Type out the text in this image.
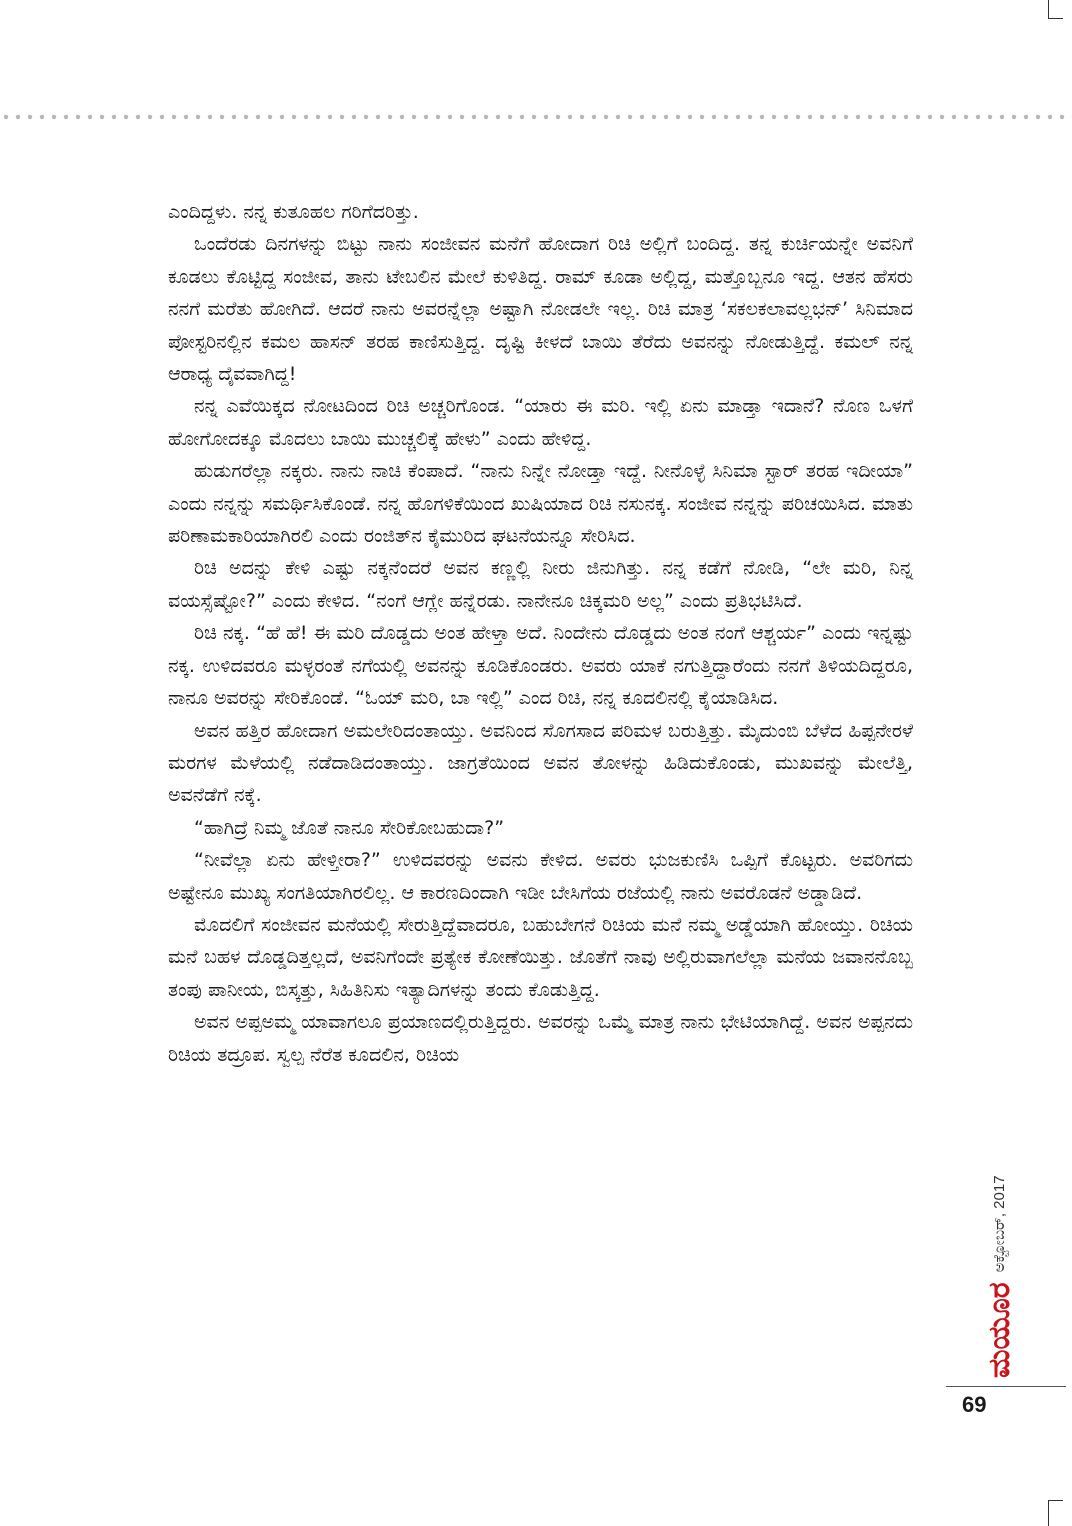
ಎಂದಿದ್ದಳು. ನನ್ನ ಕುತೂಹಲ ಗರಿಗೆದರಿತ್ತು.

ಒಂದೆರಡು ದಿನಗಳನ್ನು ಬಿಟ್ಟು ನಾನು ಸಂಜೀವನ ಮನೆಗೆ ಹೋದಾಗ ರಿಚಿ ಅಲ್ಲಿಗೆ ಬಂದಿದ್ದ. ತನ್ನ ಕುರ್ಚಿಯನ್ನೇ ಅವನಿಗೆ ಕೂಡಲು ಕೊಟ್ಟಿದ್ದ ಸಂಜೀವ, ತಾನು ಟೇಬಲಿನ ಮೇಲೆ ಕುಳಿತಿದ್ದ. ರಾಮ್ ಕೂಡಾ ಅಲ್ಲಿದ್ದ, ಮತ್ತೊಬ್ಬನೂ ಇದ್ದ. ಆತನ ಹೆಸರು ನನಗೆ ಮರೆತು ಹೋಗಿದೆ. ಆದರೆ ನಾನು ಅವರನ್ನೆಲ್ಲಾ ಅಷ್ಟಾಗಿ ನೋಡಲೇ ಇಲ್ಲ. ರಿಚಿ ಮಾತ್ರ ‘ಸಕಲಕಲಾವಲ್ಲಭನ್’ ಸಿನಿಮಾದ ಪೋಸ್ಟರಿನಲ್ಲಿನ ಕಮಲ ಹಾಸನ್ ತರಹ ಕಾಣಿಸುತ್ತಿದ್ದ. ದೃಷ್ಟಿ ಕೀಳದೆ ಬಾಯಿ ತೆರೆದು ಅವನನ್ನು ನೋಡುತ್ತಿದ್ದೆ. ಕಮಲ್ ನನ್ನ ಆರಾಧ್ಯ ದೈವವಾಗಿದ್ದ!

ನನ್ನ ಎವೆಯಿಕ್ಕದ ನೋಟದಿಂದ ರಿಚಿ ಅಚ್ಚರಿಗೊಂಡ. “ಯಾರು ಈ ಮರಿ. ಇಲ್ಲಿ ಏನು ಮಾಡ್ತಾ ಇದಾನೆ? ನೊಣ ಒಳಗೆ ಹೋಗೋದಕ್ಕೂ ಮೊದಲು ಬಾಯಿ ಮುಚ್ಚಲಿಕ್ಕೆ ಹೇಳು” ಎಂದು ಹೇಳಿದ್ದ.

ಹುಡುಗರೆಲ್ಲಾ ನಕ್ಕರು. ನಾನು ನಾಚಿ ಕೆಂಪಾದೆ. “ನಾನು ನಿನ್ನೇ ನೋಡ್ತಾ ಇದ್ದೆ. ನೀನೊಳ್ಳೆ ಸಿನಿಮಾ ಸ್ಟಾರ್ ತರಹ ಇದೀಯಾ” ಎಂದು ನನ್ನನ್ನು ಸಮರ್ಥಿಸಿಕೊಂಡೆ. ನನ್ನ ಹೊಗಳಿಕೆಯಿಂದ ಖುಷಿಯಾದ ರಿಚಿ ನಸುನಕ್ಕ. ಸಂಜೀವ ನನ್ನನ್ನು ಪರಿಚಯಿಸಿದ. ಮಾತು ಪರಿಣಾಮಕಾರಿಯಾಗಿರಲಿ ಎಂದು ರಂಜಿತ್‌ನ ಕೈಮುರಿದ ಘಟನೆಯನ್ನೂ ಸೇರಿಸಿದ.

ರಿಚಿ ಅದನ್ನು ಕೇಳಿ ಎಷ್ಟು ನಕ್ಕನೆಂದರೆ ಅವನ ಕಣ್ಣಲ್ಲಿ ನೀರು ಜಿನುಗಿತ್ತು. ನನ್ನ ಕಡೆಗೆ ನೋಡಿ, “ಲೇ ಮರಿ, ನಿನ್ನ ವಯಸ್ಸೆಷ್ಟೋ?” ಎಂದು ಕೇಳಿದ. “ನಂಗೆ ಆಗ್ಲೇ ಹನ್ನೆರಡು. ನಾನೇನೂ ಚಿಕ್ಕಮರಿ ಅಲ್ಲ” ಎಂದು ಪ್ರತಿಭಟಿಸಿದೆ.

ರಿಚಿ ನಕ್ಕ. “ಹೆ ಹೆ! ಈ ಮರಿ ದೊಡ್ಡದು ಅಂತ ಹೇಳ್ತಾ ಅದೆ. ನಿಂದೇನು ದೊಡ್ಡದು ಅಂತ ನಂಗೆ ಆಶ್ಚರ್ಯ” ಎಂದು ಇನ್ನಷ್ಟು ನಕ್ಕ. ಉಳಿದವರೂ ಮಳ್ಳರಂತೆ ನಗೆಯಲ್ಲಿ ಅವನನ್ನು ಕೂಡಿಕೊಂಡರು. ಅವರು ಯಾಕೆ ನಗುತ್ತಿದ್ದಾರೆಂದು ನನಗೆ ತಿಳಿಯದಿದ್ದರೂ, ನಾನೂ ಅವರನ್ನು ಸೇರಿಕೊಂಡೆ. “ಓಯ್ ಮರಿ, ಬಾ ಇಲ್ಲಿ” ಎಂದ ರಿಚಿ, ನನ್ನ ಕೂದಲಿನಲ್ಲಿ ಕೈಯಾಡಿಸಿದ.

ಅವನ ಹತ್ತಿರ ಹೋದಾಗ ಅಮಲೇರಿದಂತಾಯ್ತು. ಅವನಿಂದ ಸೊಗಸಾದ ಪರಿಮಳ ಬರುತ್ತಿತ್ತು. ಮೈದುಂಬಿ ಬೆಳೆದ ಹಿಪ್ಪನೇರಳೆ ಮರಗಳ ಮೆಳೆಯಲ್ಲಿ ನಡೆದಾಡಿದಂತಾಯ್ತು. ಜಾಗ್ರತೆಯಿಂದ ಅವನ ತೋಳನ್ನು ಹಿಡಿದುಕೊಂಡು, ಮುಖವನ್ನು ಮೇಲೆತ್ತಿ, ಅವನೆಡೆಗೆ ನಕ್ಕೆ.

“ಹಾಗಿದ್ರೆ ನಿಮ್ಮ ಜೊತೆ ನಾನೂ ಸೇರಿಕೋಬಹುದಾ?”

“ನೀವೆಲ್ಲಾ ಏನು ಹೇಳ್ತೀರಾ?” ಉಳಿದವರನ್ನು ಅವನು ಕೇಳಿದ. ಅವರು ಭುಜಕುಣಿಸಿ ಒಪ್ಪಿಗೆ ಕೊಟ್ಟರು. ಅವರಿಗದು ಅಷ್ಟೇನೂ ಮುಖ್ಯ ಸಂಗತಿಯಾಗಿರಲಿಲ್ಲ. ಆ ಕಾರಣದಿಂದಾಗಿ ಇಡೀ ಬೇಸಿಗೆಯ ರಜೆಯಲ್ಲಿ ನಾನು ಅವರೊಡನೆ ಅಡ್ಡಾಡಿದೆ.

ಮೊದಲಿಗೆ ಸಂಜೀವನ ಮನೆಯಲ್ಲಿ ಸೇರುತ್ತಿದ್ದೆವಾದರೂ, ಬಹುಬೇಗನೆ ರಿಚಿಯ ಮನೆ ನಮ್ಮ ಅಡ್ಡೆಯಾಗಿ ಹೋಯ್ತು. ರಿಚಿಯ ಮನೆ ಬಹಳ ದೊಡ್ಡದಿತ್ತಲ್ಲದೆ, ಅವನಿಗೆಂದೇ ಪ್ರತ್ಯೇಕ ಕೋಣೆಯಿತ್ತು. ಜೊತೆಗೆ ನಾವು ಅಲ್ಲಿರುವಾಗಲೆಲ್ಲಾ ಮನೆಯ ಜವಾನನೊಬ್ಬ ತಂಪು ಪಾನೀಯ, ಬಿಸ್ಕತ್ತು, ಸಿಹಿತಿನಿಸು ಇತ್ಯಾದಿಗಳನ್ನು ತಂದು ಕೊಡುತ್ತಿದ್ದ.

ಅವನ ಅಪ್ಪಅಮ್ಮ ಯಾವಾಗಲೂ ಪ್ರಯಾಣದಲ್ಲಿರುತ್ತಿದ್ದರು. ಅವರನ್ನು ಒಮ್ಮೆ ಮಾತ್ರ ನಾನು ಭೇಟಿಯಾಗಿದ್ದೆ. ಅವನ ಅಪ್ಪನದು ರಿಚಿಯ ತದ್ರೂಪ. ಸ್ವಲ್ಪ ನೆರೆತ ಕೂದಲಿನ, ರಿಚಿಯ

ಮಯೂರ
ಅಕ್ಟೋಬರ್, 2017
69
